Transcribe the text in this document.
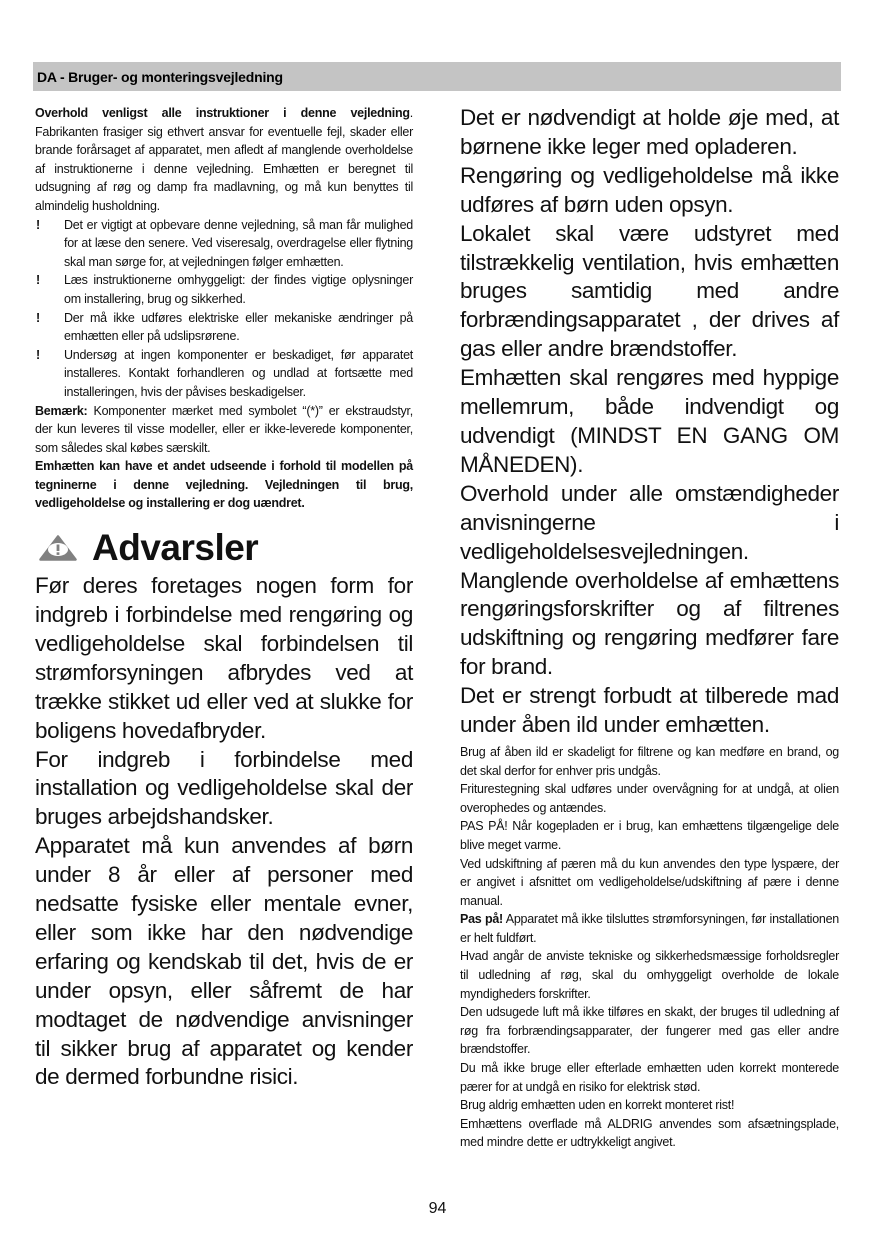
DA - Bruger- og monteringsvejledning

Overhold venligst alle instruktioner i denne vejledning. Fabrikanten frasiger sig ethvert ansvar for eventuelle fejl, skader eller brande forårsaget af apparatet, men afledt af manglende overholdelse af instruktionerne i denne vejledning. Emhætten er beregnet til udsugning af røg og damp fra madlavning, og må kun benyttes til almindelig husholdning.

! Det er vigtigt at opbevare denne vejledning, så man får mulighed for at læse den senere. Ved viseresalg, overdragelse eller flytning skal man sørge for, at vejledningen følger emhætten.
! Læs instruktionerne omhyggeligt: der findes vigtige oplysninger om installering, brug og sikkerhed.
! Der må ikke udføres elektriske eller mekaniske ændringer på emhætten eller på udslipsrørene.
! Undersøg at ingen komponenter er beskadiget, før apparatet installeres. Kontakt forhandleren og undlad at fortsætte med installeringen, hvis der påvises beskadigelser.

Bemærk: Komponenter mærket med symbolet “(*)” er ekstraudstyr, der kun leveres til visse modeller, eller er ikke-leverede komponenter, som således skal købes særskilt.

Emhætten kan have et andet udseende i forhold til modellen på tegninerne i denne vejledning. Vejledningen til brug, vedligeholdelse og installering er dog uændret.

Advarsler

Før deres foretages nogen form for indgreb i forbindelse med rengøring og vedligeholdelse skal forbindelsen til strømforsyningen afbrydes ved at trække stikket ud eller ved at slukke for boligens hovedafbryder.

For indgreb i forbindelse med installation og vedligeholdelse skal der bruges arbejdshandsker.

Apparatet må kun anvendes af børn under 8 år eller af personer med nedsatte fysiske eller mentale evner, eller som ikke har den nødvendige erfaring og kendskab til det, hvis de er under opsyn, eller såfremt de har modtaget de nødvendige anvisninger til sikker brug af apparatet og kender de dermed forbundne risici.

Det er nødvendigt at holde øje med, at børnene ikke leger med opladeren.

Rengøring og vedligeholdelse må ikke udføres af børn uden opsyn.

Lokalet skal være udstyret med tilstrækkelig ventilation, hvis emhætten bruges samtidig med andre forbrændingsapparatet , der drives af gas eller andre brændstoffer.

Emhætten skal rengøres med hyppige mellemrum, både indvendigt og udvendigt (MINDST EN GANG OM MÅNEDEN).

Overhold under alle omstændigheder anvisningerne i vedligeholdelsesvejledningen.

Manglende overholdelse af emhættens rengøringsforskrifter og af filtrenes udskiftning og rengøring medfører fare for brand.

Det er strengt forbudt at tilberede mad under åben ild under emhætten.

Brug af åben ild er skadeligt for filtrene og kan medføre en brand, og det skal derfor for enhver pris undgås.

Friturestegning skal udføres under overvågning for at undgå, at olien overophedes og antændes.

PAS PÅ! Når kogepladen er i brug, kan emhættens tilgængelige dele blive meget varme.

Ved udskiftning af pæren må du kun anvendes den type lyspære, der er angivet i afsnittet om vedligeholdelse/udskiftning af pære i denne manual.

Pas på! Apparatet må ikke tilsluttes strømforsyningen, før installationen er helt fuldført.

Hvad angår de anviste tekniske og sikkerhedsmæssige forholdsregler til udledning af røg, skal du omhyggeligt overholde de lokale myndigheders forskrifter.

Den udsugede luft må ikke tilføres en skakt, der bruges til udledning af røg fra forbrændingsapparater, der fungerer med gas eller andre brændstoffer.

Du må ikke bruge eller efterlade emhætten uden korrekt monterede pærer for at undgå en risiko for elektrisk stød.

Brug aldrig emhætten uden en korrekt monteret rist!

Emhættens overflade må ALDRIG anvendes som afsætningsplade, med mindre dette er udtrykkeligt angivet.

94
